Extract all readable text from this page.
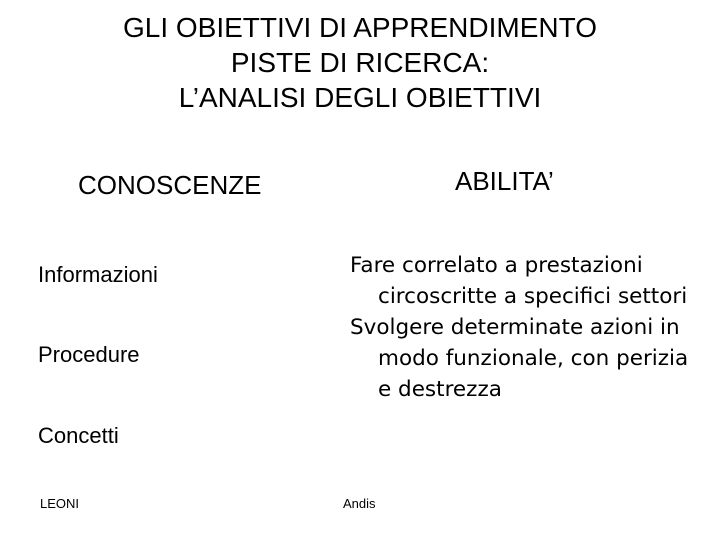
GLI OBIETTIVI DI APPRENDIMENTO
PISTE DI RICERCA:
L’ANALISI DEGLI OBIETTIVI
CONOSCENZE	ABILITA’
Informazioni
Procedure
Concetti
Fare correlato a prestazioni circoscritte a specifici settori
Svolgere determinate azioni in modo funzionale, con perizia e destrezza
LEONI	Andis
